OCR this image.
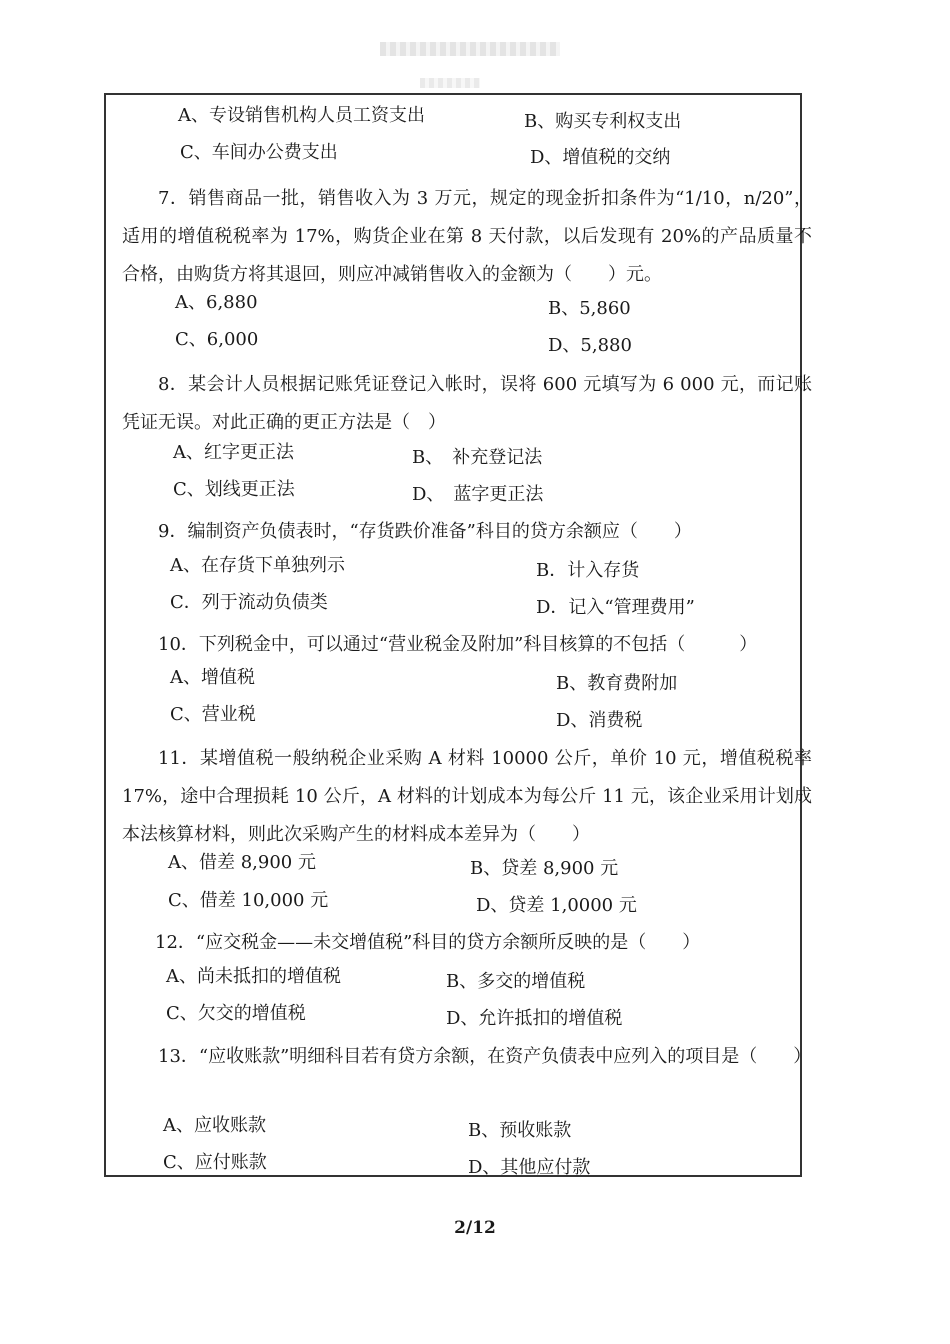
A、专设销售机构人员工资支出	B、购买专利权支出
C、车间办公费支出	D、增值税的交纳
7．销售商品一批，销售收入为 3 万元，规定的现金折扣条件为“1/10，n/20”，适用的增值税税率为 17%，购货企业在第 8 天付款，以后发现有 20%的产品质量不合格，由购货方将其退回，则应冲减销售收入的金额为（　　）元。
A、6,880	B、5,860
C、6,000	D、5,880
8．某会计人员根据记账凭证登记入帐时，误将 600 元填写为 6 000 元，而记账凭证无误。对此正确的更正方法是（　）
A、红字更正法	B、　补充登记法
C、划线更正法	D、　蓝字更正法
9．编制资产负债表时，“存货跌价准备”科目的贷方余额应（　　）
A、在存货下单独列示	B．计入存货
C．列于流动负债类	D．记入“管理费用”
10．下列税金中，可以通过“营业税金及附加”科目核算的不包括（　　　）
A、增值税	B、教育费附加
C、营业税	D、消费税
11．某增值税一般纳税企业采购 A 材料 10000 公斤，单价 10 元，增值税税率 17%，途中合理损耗 10 公斤，A 材料的计划成本为每公斤 11 元，该企业采用计划成本法核算材料，则此次采购产生的材料成本差异为（　　）
A、借差 8,900 元	B、贷差 8,900 元
C、借差 10,000 元	D、贷差 1,0000 元
12．“应交税金——未交增值税”科目的贷方余额所反映的是（　　）
A、尚未抵扣的增值税	B、多交的增值税
C、欠交的增值税	D、允许抵扣的增值税
13．“应收账款”明细科目若有贷方余额，在资产负债表中应列入的项目是（　　）
A、应收账款	B、预收账款
C、应付账款	D、其他应付款
2/12
